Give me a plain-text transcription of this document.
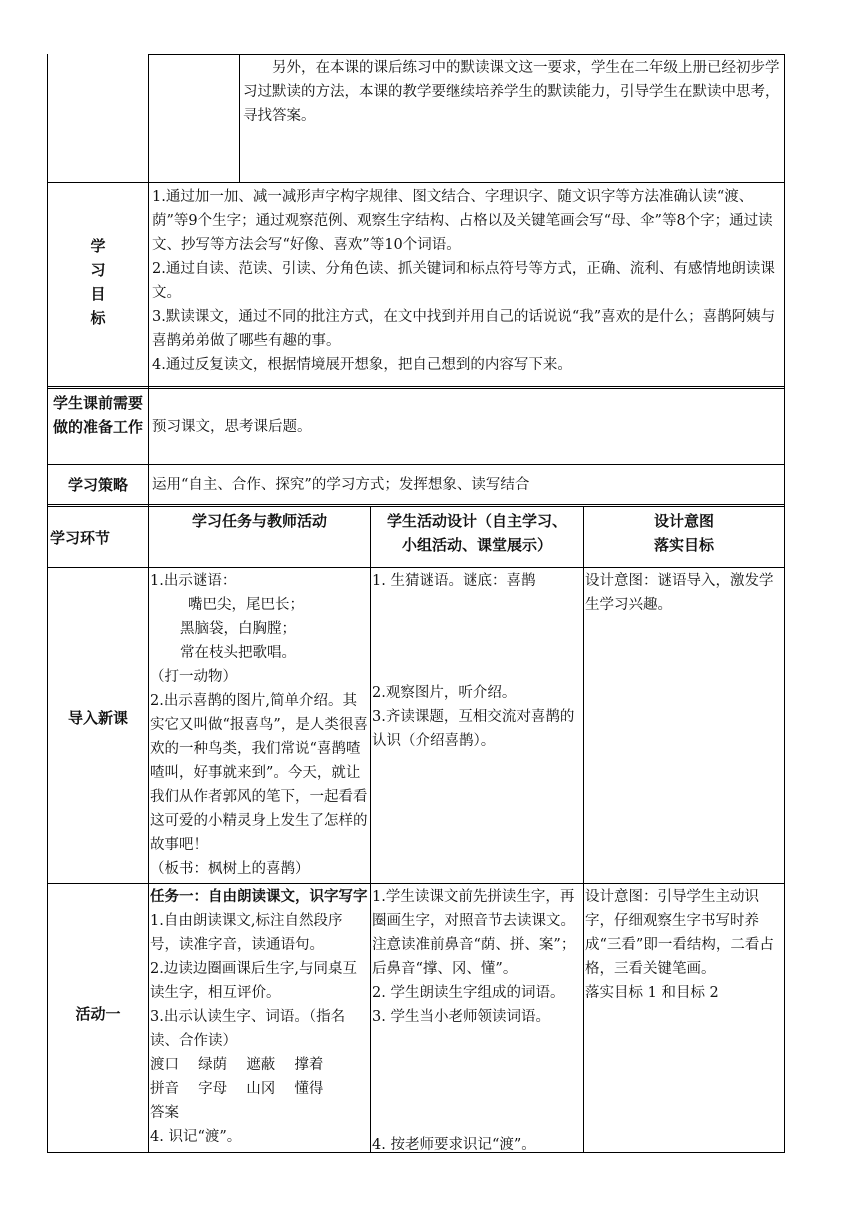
另外，在本课的课后练习中的默读课文这一要求，学生在二年级上册已经初步学习过默读的方法，本课的教学要继续培养学生的默读能力，引导学生在默读中思考，寻找答案。

学
习
目
标

1.通过加一加、减一减形声字构字规律、图文结合、字理识字、随文识字等方法准确认读“渡、荫”等9个生字；通过观察范例、观察生字结构、占格以及关键笔画会写“母、伞”等8个字；通过读文、抄写等方法会写“好像、喜欢”等10个词语。

2.通过自读、范读、引读、分角色读、抓关键词和标点符号等方式，正确、流利、有感情地朗读课文。

3.默读课文，通过不同的批注方式，在文中找到并用自己的话说说“我”喜欢的是什么；喜鹊阿姨与喜鹊弟弟做了哪些有趣的事。

4.通过反复读文，根据情境展开想象，把自己想到的内容写下来。

学生课前需要做的准备工作 预习课文，思考课后题。
学习策略	运用“自主、合作、探究”的学习方式；发挥想象、读写结合
学习环节
学习任务与教师活动	学生活动设计（自主学习、

小组活动、课堂展示）

设计意图

落实目标

导入新课

1.出示谜语：

嘴巴尖，尾巴长；

黑脑袋，白胸膛；

常在枝头把歌唱。

（打一动物）

2.出示喜鹊的图片,简单介绍。其实它又叫做“报喜鸟”，是人类很喜欢的一种鸟类，我们常说“喜鹊喳喳叫，好事就来到”。今天，就让我们从作者郭风的笔下，一起看看这可爱的小精灵身上发生了怎样的故事吧！

（板书：枫树上的喜鹊）

1. 生猜谜语。谜底：喜鹊

2.观察图片，听介绍。

3.齐读课题，互相交流对喜鹊的认识（介绍喜鹊）。

设计意图：谜语导入，激发学生学习兴趣。
活动一

任务一：自由朗读课文，识字写字

1.自由朗读课文,标注自然段序号，读准字音，读通语句。

2.边读边圈画课后生字,与同桌互读生字，相互评价。

3.出示认读生字、词语。（指名读、合作读）

渡口　 绿荫　 遮蔽　 撑着

拼音　 字母　 山冈　 懂得

答案

4. 识记“渡”。

1.学生读课文前先拼读生字，再圈画生字，对照音节去读课文。注意读准前鼻音“荫、拼、案”；后鼻音“撑、冈、懂”。

2. 学生朗读生字组成的词语。

3. 学生当小老师领读词语。

4. 按老师要求识记“渡”。

设计意图：引导学生主动识字，仔细观察生字书写时养成“三看”即一看结构，二看占格，三看关键笔画。

落实目标 1 和目标 2
